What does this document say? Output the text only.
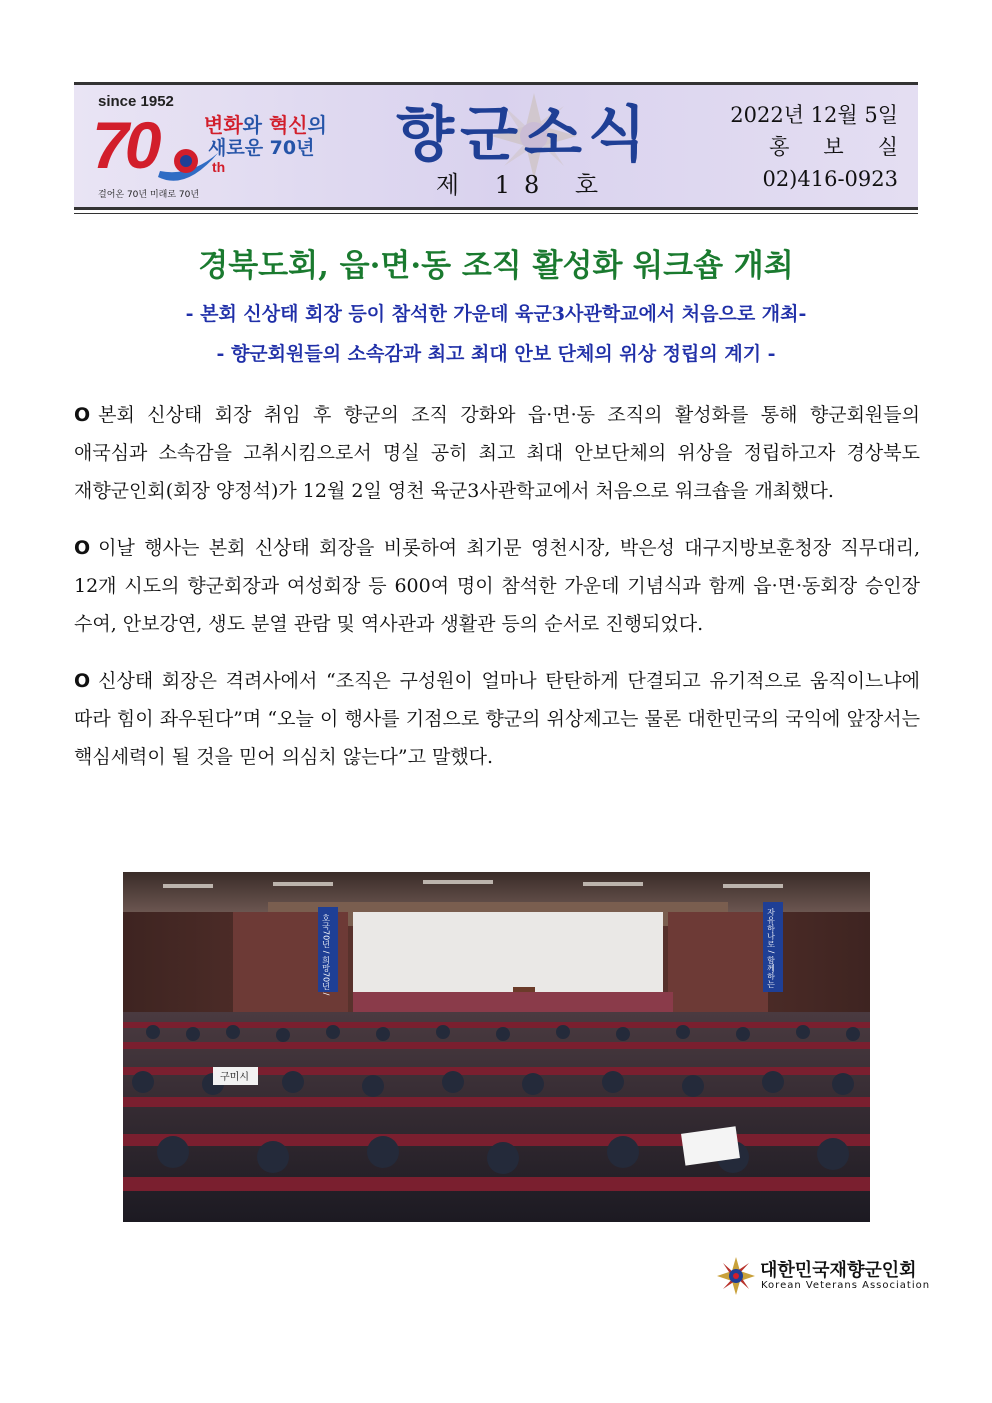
since 1952
70	th
변화와 혁신의
새로운 70년
걸어온 70년 미래로 70년
향군소식
제 18 호
2022년 12월 5일
홍보실
02)416-0923
경북도회, 읍·면·동 조직 활성화 워크숍 개최
- 본회 신상태 회장 등이 참석한 가운데 육군3사관학교에서 처음으로 개최-
- 향군회원들의 소속감과 최고 최대 안보 단체의 위상 정립의 계기 -

O 본회 신상태 회장 취임 후 향군의 조직 강화와 읍·면·동 조직의 활성화를 통해 향군회원들의 애국심과 소속감을 고취시킴으로서 명실 공히 최고 최대 안보단체의 위상을 정립하고자 경상북도 재향군인회(회장 양정석)가 12월 2일 영천 육군3사관학교에서 처음으로 워크숍을 개최했다.

O 이날 행사는 본회 신상태 회장을 비롯하여 최기문 영천시장, 박은성 대구지방보훈청장 직무대리, 12개 시도의 향군회장과 여성회장 등 600여 명이 참석한 가운데 기념식과 함께 읍·면·동회장 승인장 수여, 안보강연, 생도 분열 관람 및 역사관과 생활관 등의 순서로 진행되었다.

O 신상태 회장은 격려사에서 “조직은 구성원이 얼마나 탄탄하게 단결되고 유기적으로 움직이느냐에 따라 힘이 좌우된다”며 “오늘 이 행사를 기점으로 향군의 위상제고는 물론 대한민국의 국익에 앞장서는 핵심세력이 될 것을 믿어 의심치 않는다”고 말했다.

호국70년 / 희망70년 /	자유하나로 / 함께하는
구미시
대한민국재향군인회
Korean Veterans Association
